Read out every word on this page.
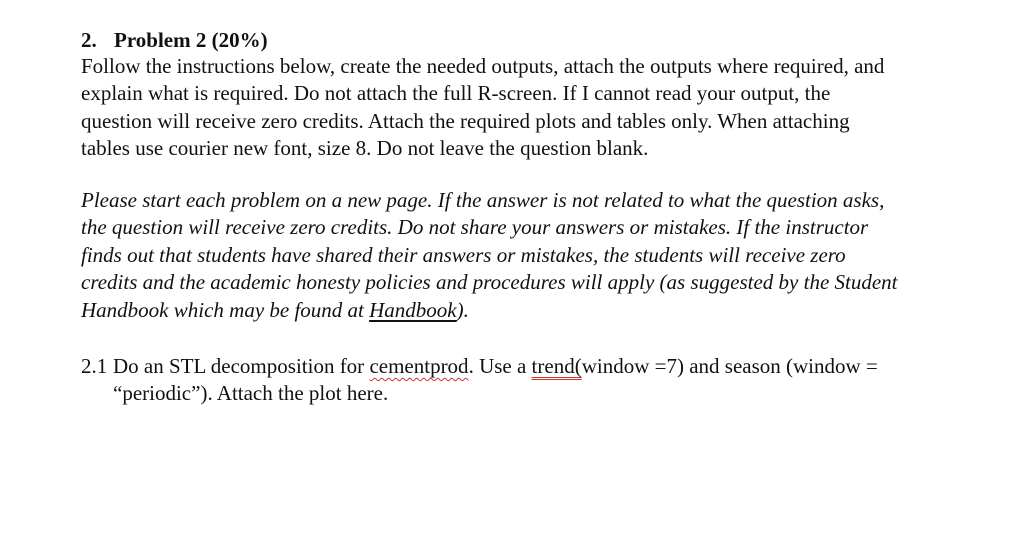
2. Problem 2 (20%)
Follow the instructions below, create the needed outputs, attach the outputs where required, and
explain what is required. Do not attach the full R-screen. If I cannot read your output, the
question will receive zero credits. Attach the required plots and tables only. When attaching
tables use courier new font, size 8. Do not leave the question blank.
Please start each problem on a new page. If the answer is not related to what the question asks,
the question will receive zero credits. Do not share your answers or mistakes. If the instructor
finds out that students have shared their answers or mistakes, the students will receive zero
credits and the academic honesty policies and procedures will apply (as suggested by the Student
Handbook which may be found at Handbook).
2.1 Do an STL decomposition for cementprod. Use a trend(window =7) and season (window =
“periodic”). Attach the plot here.
